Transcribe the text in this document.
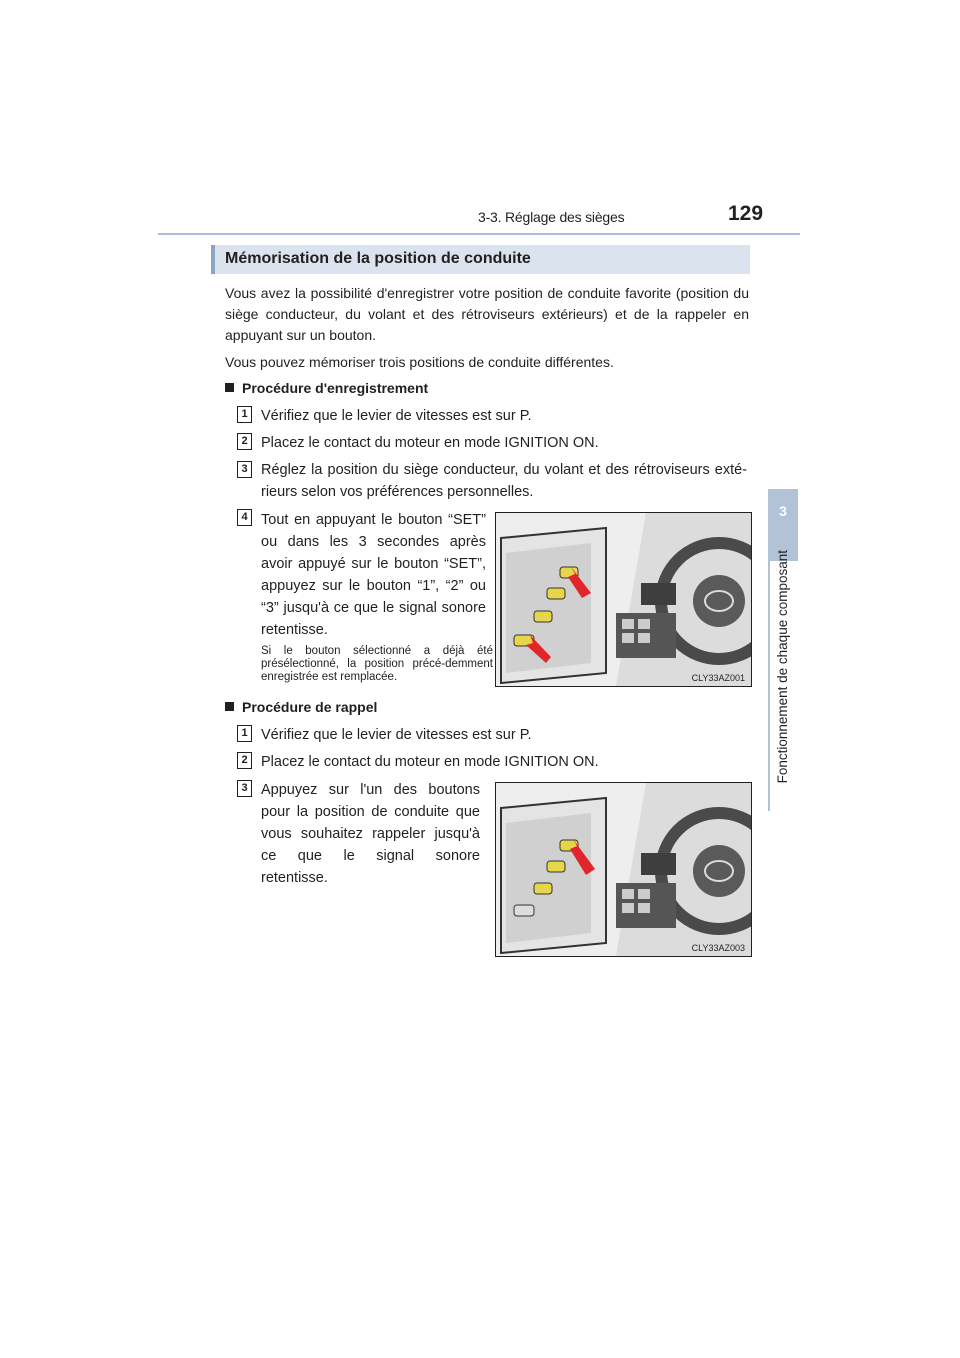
3-3. Réglage des sièges	129
3
Fonctionnement de chaque composant
Mémorisation de la position de conduite
Vous avez la possibilité d'enregistrer votre position de conduite favorite (position du siège conducteur, du volant et des rétroviseurs extérieurs) et de la rappeler en appuyant sur un bouton.
Vous pouvez mémoriser trois positions de conduite différentes.
Procédure d'enregistrement
1 Vérifiez que le levier de vitesses est sur P.
2 Placez le contact du moteur en mode IGNITION ON.
3 Réglez la position du siège conducteur, du volant et des rétroviseurs exté-rieurs selon vos préférences personnelles.
4 Tout en appuyant le bouton “SET” ou dans les 3 secondes après avoir appuyé sur le bouton “SET”, appuyez sur le bouton “1”, “2” ou “3” jusqu'à ce que le signal sonore retentisse.
Si le bouton sélectionné a déjà été présélectionné, la position précé-demment enregistrée est remplacée.	CLY33AZ001
Procédure de rappel
1 Vérifiez que le levier de vitesses est sur P.
2 Placez le contact du moteur en mode IGNITION ON.
3 Appuyez sur l'un des boutons pour la position de conduite que vous souhaitez rappeler jusqu'à ce que le signal sonore retentisse.
CLY33AZ003
